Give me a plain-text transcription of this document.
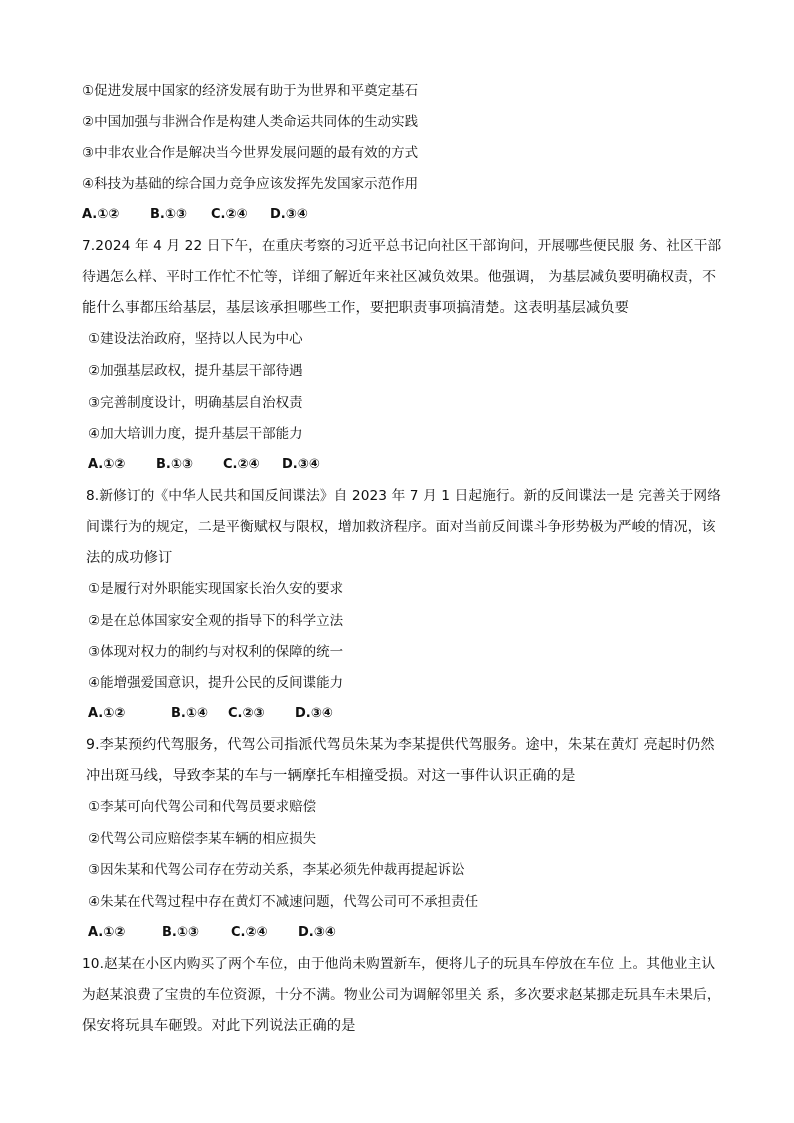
①促进发展中国家的经济发展有助于为世界和平奠定基石
②中国加强与非洲合作是构建人类命运共同体的生动实践
③中非农业合作是解决当今世界发展问题的最有效的方式
④科技为基础的综合国力竞争应该发挥先发国家示范作用
A.①② B.①③ C.②④ D.③④
7.2024 年 4 月 22 日下午，在重庆考察的习近平总书记向社区干部询问，开展哪些便民服 务、社区干部
待遇怎么样、平时工作忙不忙等，详细了解近年来社区减负效果。他强调， 为基层减负要明确权责，不
能什么事都压给基层，基层该承担哪些工作，要把职责事项搞清楚。这表明基层减负要
①建设法治政府，坚持以人民为中心
②加强基层政权，提升基层干部待遇
③完善制度设计，明确基层自治权责
④加大培训力度，提升基层干部能力
A.①② B.①③ C.②④ D.③④
8.新修订的《中华人民共和国反间谍法》自 2023 年 7 月 1 日起施行。新的反间谍法一是 完善关于网络
间谍行为的规定，二是平衡赋权与限权，增加救济程序。面对当前反间谍斗争形势极为严峻的情况，该
法的成功修订
①是履行对外职能实现国家长治久安的要求
②是在总体国家安全观的指导下的科学立法
③体现对权力的制约与对权利的保障的统一
④能增强爱国意识，提升公民的反间谍能力
A.①②	B.①④ C.②③ D.③④
9.李某预约代驾服务，代驾公司指派代驾员朱某为李某提供代驾服务。途中，朱某在黄灯 亮起时仍然
冲出斑马线，导致李某的车与一辆摩托车相撞受损。对这一事件认识正确的是
①李某可向代驾公司和代驾员要求赔偿
②代驾公司应赔偿李某车辆的相应损失
③因朱某和代驾公司存在劳动关系，李某必须先仲裁再提起诉讼
④朱某在代驾过程中存在黄灯不减速问题，代驾公司可不承担责任
A.①②	B.①③ C.②④ D.③④
10.赵某在小区内购买了两个车位，由于他尚未购置新车，便将儿子的玩具车停放在车位 上。其他业主认
为赵某浪费了宝贵的车位资源，十分不满。物业公司为调解邻里关 系，多次要求赵某挪走玩具车未果后，
保安将玩具车砸毁。对此下列说法正确的是
